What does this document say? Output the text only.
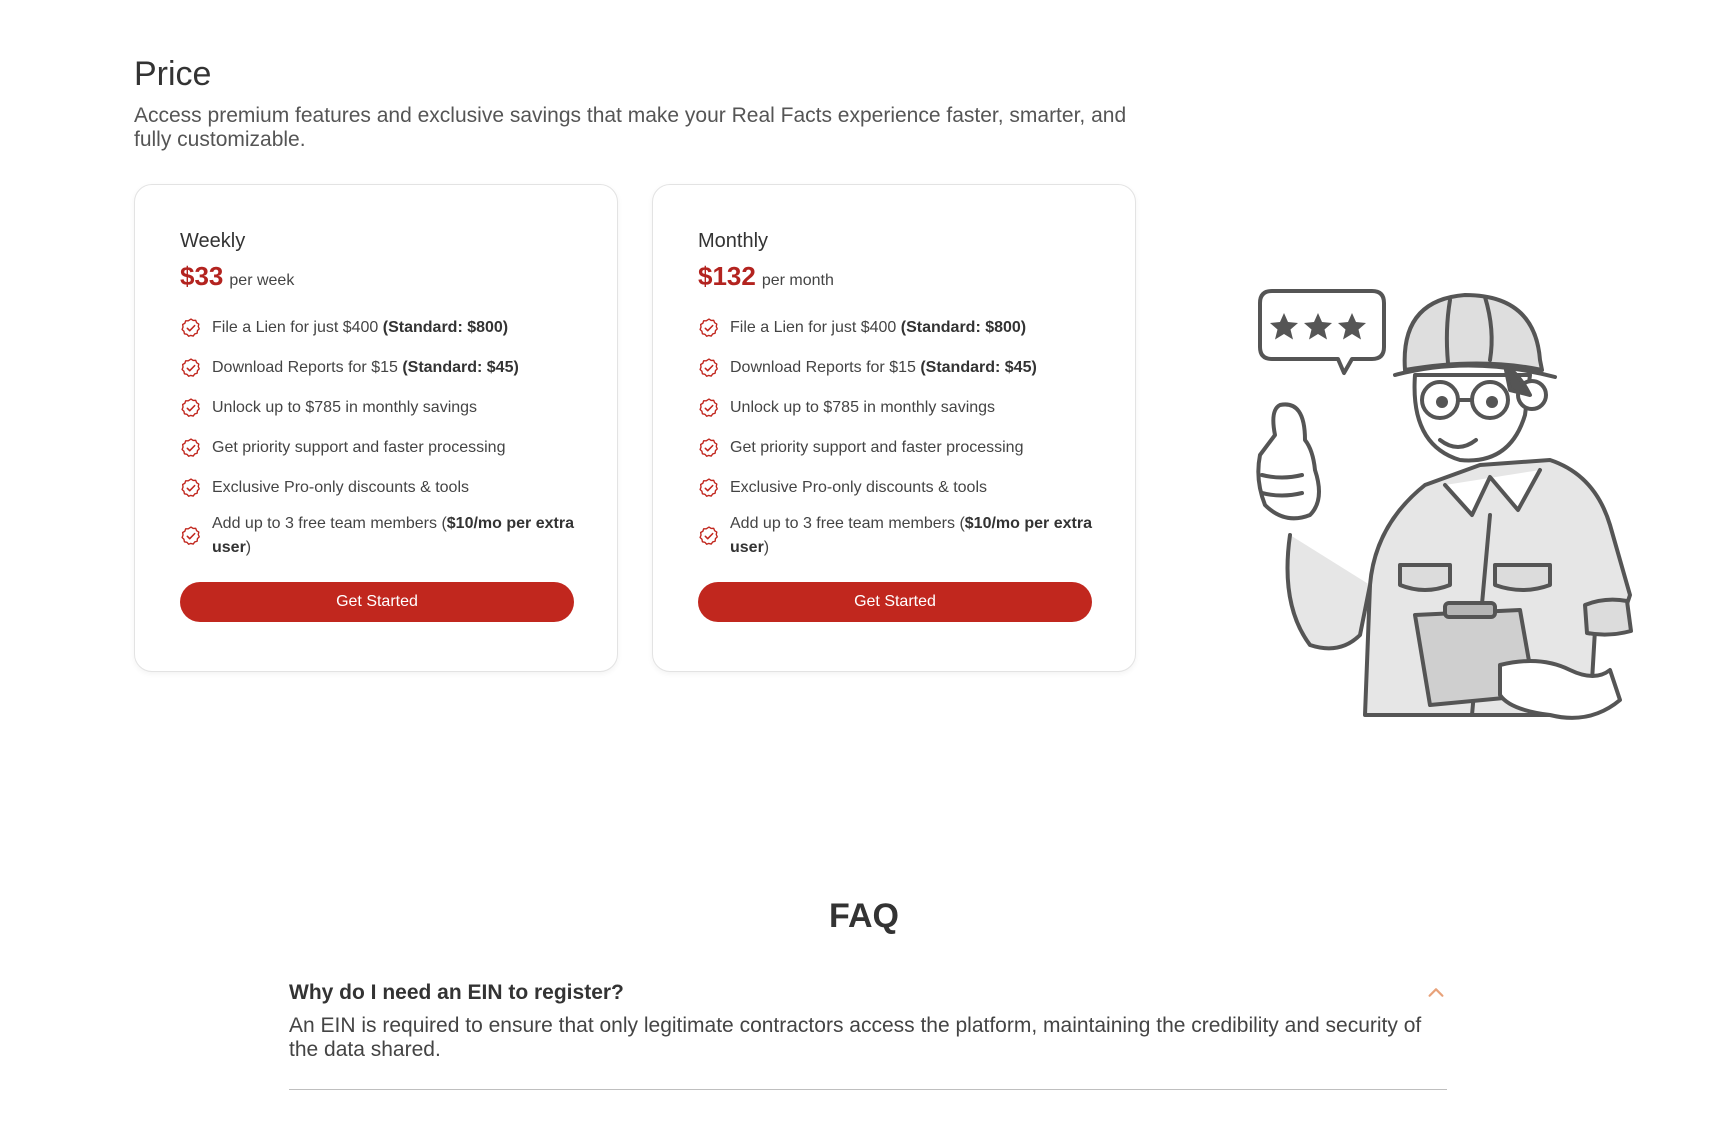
Price

Access premium features and exclusive savings that make your Real Facts experience faster, smarter, and fully customizable.

Weekly
$33 per week
File a Lien for just $400 (Standard: $800)
Download Reports for $15 (Standard: $45)
Unlock up to $785 in monthly savings
Get priority support and faster processing
Exclusive Pro-only discounts & tools
Add up to 3 free team members ($10/mo per extra user)
Get Started
Monthly
$132 per month
File a Lien for just $400 (Standard: $800)
Download Reports for $15 (Standard: $45)
Unlock up to $785 in monthly savings
Get priority support and faster processing
Exclusive Pro-only discounts & tools
Add up to 3 free team members ($10/mo per extra user)
Get Started
FAQ
Why do I need an EIN to register?

An EIN is required to ensure that only legitimate contractors access the platform, maintaining the credibility and security of the data shared.
